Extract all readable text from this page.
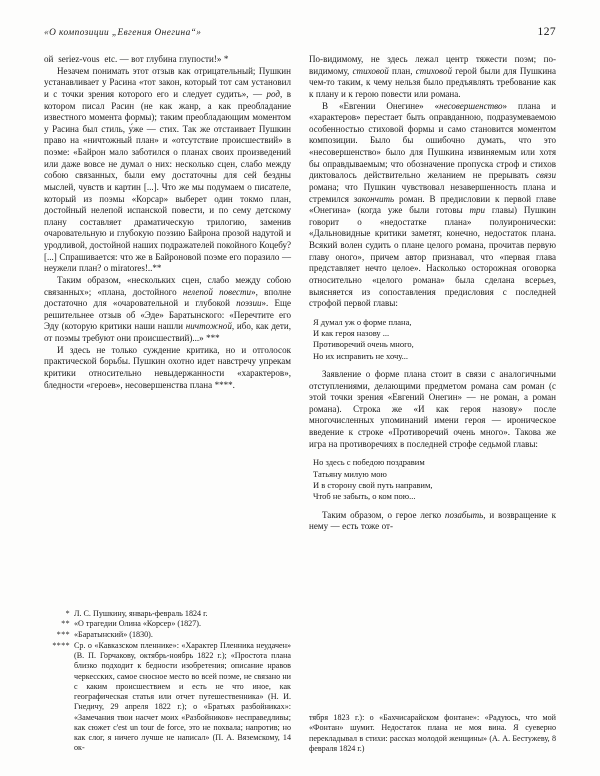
«О композиции „Евгения Онегина“»	127

ой  seriez-vous  etc. — вот глубина глупости!» *

Незачем понимать этот отзыв как отрицательный; Пушкин устанавливает у Расина «тот закон, который тот сам установил и с точки зрения которого его и следует судить», — род, в котором писал Расин (не как жанр, а как преобладание известного момента формы); таким преобладающим моментом у Расина был стиль, у́же — стих. Так же отстаивает Пушкин право на «ничтожный план» и «отсутствие происшествий» в поэме: «Байрон мало заботился о планах своих произведений или даже вовсе не думал о них: несколько сцен, слабо между собою связанных, были ему достаточны для сей бездны мыслей, чувств и картин [...]. Что же мы подумаем о писателе, который из поэмы «Корсар» выберет один токмо план, достойный нелепой испанской повести, и по сему детскому плану составляет драматическую трилогию, заменив очаровательную и глубокую поэзию Байрона прозой надутой и уродливой, достойной наших подражателей покойного Коцебу? [...] Спрашивается: что же в Байроновой поэме его поразило — неужели план? o miratores!..**

Таким образом, «нескольких сцен, слабо между собою связанных»; «плана, достойного нелепой повести», вполне достаточно для «очаровательной и глубокой поэзии». Еще решительнее отзыв об «Эде» Баратынского: «Перечтите его Эду (которую критики наши нашли ничтожной, ибо, как дети, от поэмы требуют они происшествий)...» ***

И здесь не только суждение критика, но и отголосок практической борьбы. Пушкин охотно идет навстречу упрекам критики относительно невыдержанности «характеров», бледности «героев», несовершенства плана ****.

* Л. С. Пушкину, январь-февраль 1824 г.
** «О трагедии Олина «Корсер» (1827).
*** «Баратынский» (1830).
**** Ср. о «Кавказском пленнике»: «Характер Пленника неудачен» (В. П. Горчакову, октябрь-ноябрь 1822 г.); «Простота плана близко подходит к бедности изобретения; описание нравов черкесских, самое сносное место во всей поэме, не связано ни с каким происшествием и есть не что иное, как географическая статья или отчет путешественника» (Н. И. Гнедичу, 29 апреля 1822 г.); о «Братьях разбойниках»: «Замечания твои насчет моих «Разбойников» несправедливы; как сюжет c'est un tour de force, это не похвала; напротив; но как слог, я ничего лучше не написал» (П. А. Вяземскому, 14 ок-

По-видимому, не здесь лежал центр тяжести поэм; по-видимому, стиховой план, стиховой герой были для Пушкина чем-то таким, к чему нельзя было предъявлять требование как к плану и к герою повести или романа.

В «Евгении Онегине» «несовершенство» плана и «характеров» перестает быть оправданною, подразумеваемою особенностью стиховой формы и само становится моментом композиции. Было бы ошибочно думать, что это «несовершенство» было для Пушкина извиняемым или хотя бы оправдываемым; что обозначение пропуска строф и стихов диктовалось действительно желанием не прерывать связи романа; что Пушкин чувствовал незавершенность плана и стремился закончить роман. В предисловии к первой главе «Онегина» (когда уже были готовы три главы) Пушкин говорит о «недостатке плана» полуиронически: «Дальновидные критики заметят, конечно, недостаток плана. Всякий волен судить о плане целого романа, прочитав первую главу оного», причем автор признавал, что «первая глава представляет нечто целое». Насколько осторожная оговорка относительно «целого романа» была сделана всерьез, выясняется из сопоставления предисловия с последней строфой первой главы:

Я думал уж о форме плана,
И как героя назову ...
Противоречий очень много,
Но их исправить не хочу...

Заявление о форме плана стоит в связи с аналогичными отступлениями, делающими предметом романа сам роман (с этой точки зрения «Евгений Онегин» — не роман, а роман романа). Строка же «И как героя назову» после многочисленных упоминаний имени героя — ироническое введение к строке «Противоречий очень много». Такова же игра на противоречиях в последней строфе седьмой главы:

Но здесь с победою поздравим
Татьяну милую мою
И в сторону свой путь направим,
Чтоб не забыть, о ком пою...

Таким образом, о герое легко позабыть, и возвращение к нему — есть тоже от-

тября 1823 г.): о «Бахчисарайском фонтане»: «Радуюсь, что мой «Фонтан» шумит. Недостаток плана не моя вина. Я суеверно перекладывал в стихи: рассказ молодой женщины» (А. А. Бестужеву, 8 февраля 1824 г.)
